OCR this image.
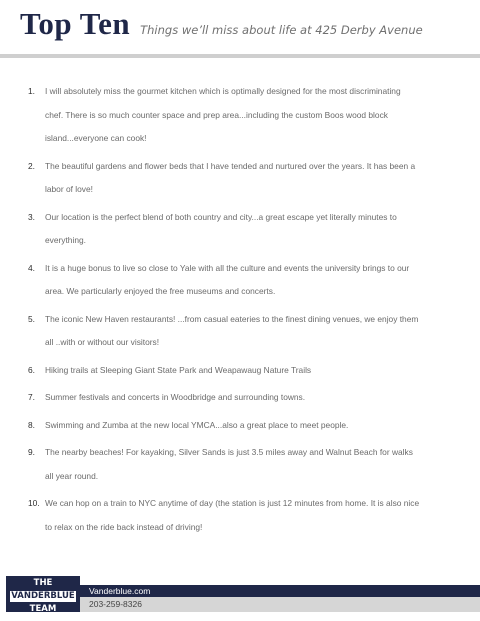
Top Ten Things we’ll miss about life at 425 Derby Avenue
1.	I will absolutely miss the gourmet kitchen which is optimally designed for the most discriminating chef. There is so much counter space and prep area...including the custom Boos wood block island...everyone can cook!
2.	The beautiful gardens and flower beds that I have tended and nurtured over the years. It has been a labor of love!
3.	Our location is the perfect blend of both country and city...a great escape yet literally minutes to everything.
4.	It is a huge bonus to live so close to Yale with all the culture and events the university brings to our area. We particularly enjoyed the free museums and concerts.
5.	The iconic New Haven restaurants! ...from casual eateries to the finest dining venues, we enjoy them all ..with or without our visitors!
6.	Hiking trails at Sleeping Giant State Park and Weapawaug Nature Trails
7.	Summer festivals and concerts in Woodbridge and surrounding towns.
8.	Swimming and Zumba at the new local YMCA...also a great place to meet people.
9.	The nearby beaches! For kayaking, Silver Sands is just 3.5 miles away and Walnut Beach for walks all year round.
10. We can hop on a train to NYC anytime of day (the station is just 12 minutes from home. It is also nice to relax on the ride back instead of driving!
THE
VANDERBLUE
TEAM
Vanderblue.com
203-259-8326
